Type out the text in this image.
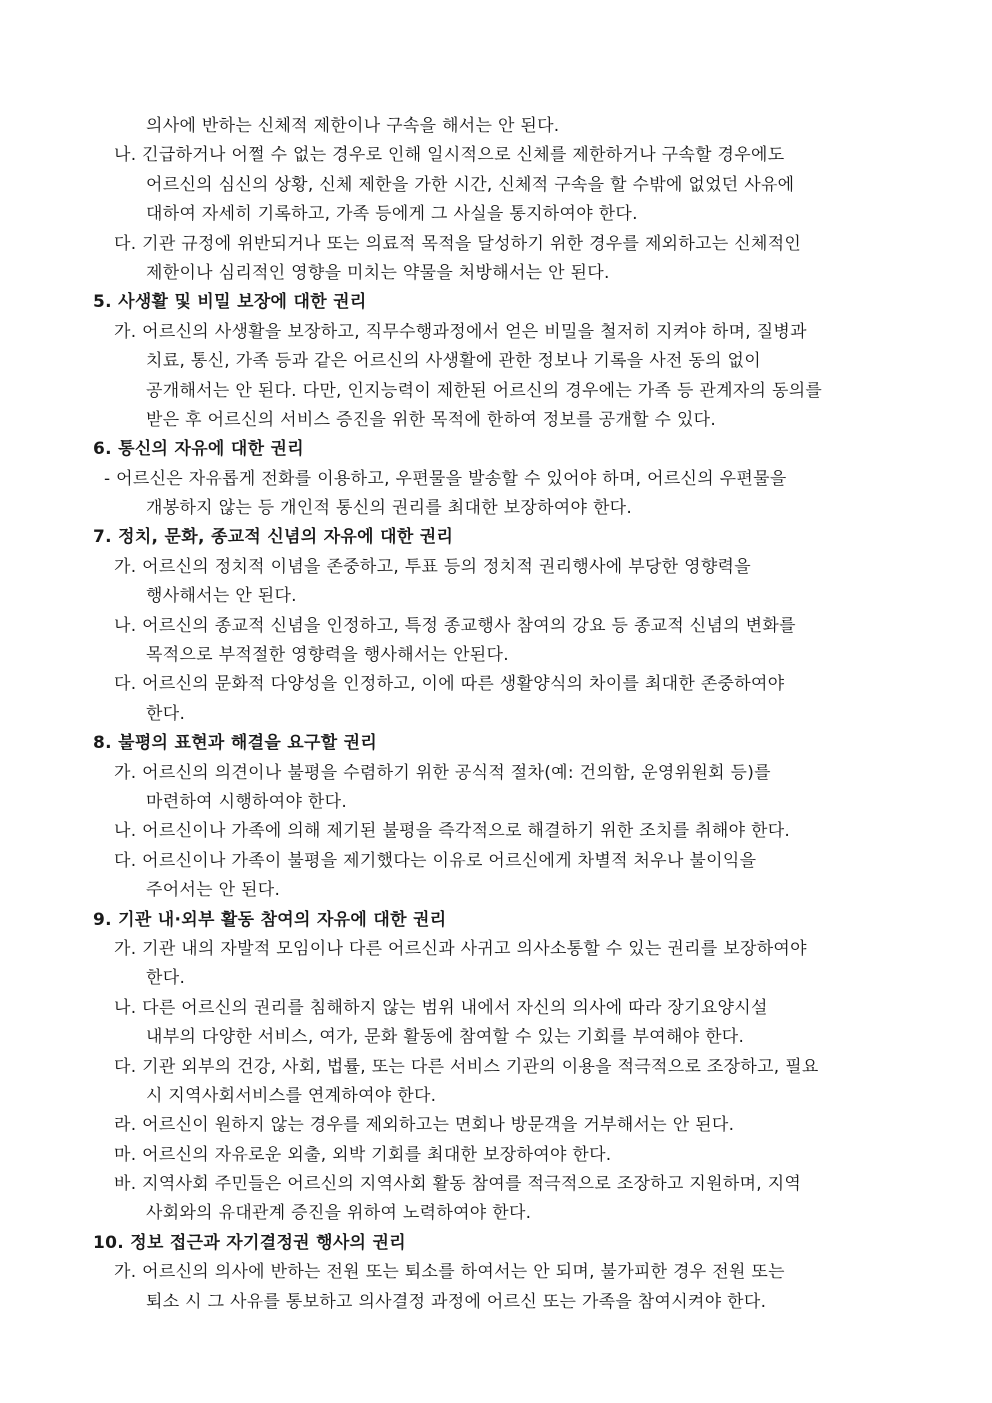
의사에 반하는 신체적 제한이나 구속을 해서는 안 된다.
나. 긴급하거나 어쩔 수 없는 경우로 인해 일시적으로 신체를 제한하거나 구속할 경우에도
어르신의 심신의 상황, 신체 제한을 가한 시간, 신체적 구속을 할 수밖에 없었던 사유에
대하여 자세히 기록하고, 가족 등에게 그 사실을 통지하여야 한다.
다. 기관 규정에 위반되거나 또는 의료적 목적을 달성하기 위한 경우를 제외하고는 신체적인
제한이나 심리적인 영향을 미치는 약물을 처방해서는 안 된다.
5. 사생활 및 비밀 보장에 대한 권리
가. 어르신의 사생활을 보장하고, 직무수행과정에서 얻은 비밀을 철저히 지켜야 하며, 질병과
치료, 통신, 가족 등과 같은 어르신의 사생활에 관한 정보나 기록을 사전 동의 없이
공개해서는 안 된다. 다만, 인지능력이 제한된 어르신의 경우에는 가족 등 관계자의 동의를
받은 후 어르신의 서비스 증진을 위한 목적에 한하여 정보를 공개할 수 있다.
6. 통신의 자유에 대한 권리
- 어르신은 자유롭게 전화를 이용하고, 우편물을 발송할 수 있어야 하며, 어르신의 우편물을
개봉하지 않는 등 개인적 통신의 권리를 최대한 보장하여야 한다.
7. 정치, 문화, 종교적 신념의 자유에 대한 권리
가. 어르신의 정치적 이념을 존중하고, 투표 등의 정치적 권리행사에 부당한 영향력을
행사해서는 안 된다.
나. 어르신의 종교적 신념을 인정하고, 특정 종교행사 참여의 강요 등 종교적 신념의 변화를
목적으로 부적절한 영향력을 행사해서는 안된다.
다. 어르신의 문화적 다양성을 인정하고, 이에 따른 생활양식의 차이를 최대한 존중하여야
한다.
8. 불평의 표현과 해결을 요구할 권리
가. 어르신의 의견이나 불평을 수렴하기 위한 공식적 절차(예: 건의함, 운영위원회 등)를
마련하여 시행하여야 한다.
나. 어르신이나 가족에 의해 제기된 불평을 즉각적으로 해결하기 위한 조치를 취해야 한다.
다. 어르신이나 가족이 불평을 제기했다는 이유로 어르신에게 차별적 처우나 불이익을
주어서는 안 된다.
9. 기관 내·외부 활동 참여의 자유에 대한 권리
가. 기관 내의 자발적 모임이나 다른 어르신과 사귀고 의사소통할 수 있는 권리를 보장하여야
한다.
나. 다른 어르신의 권리를 침해하지 않는 범위 내에서 자신의 의사에 따라 장기요양시설
내부의 다양한 서비스, 여가, 문화 활동에 참여할 수 있는 기회를 부여해야 한다.
다. 기관 외부의 건강, 사회, 법률, 또는 다른 서비스 기관의 이용을 적극적으로 조장하고, 필요
시 지역사회서비스를 연계하여야 한다.
라. 어르신이 원하지 않는 경우를 제외하고는 면회나 방문객을 거부해서는 안 된다.
마. 어르신의 자유로운 외출, 외박 기회를 최대한 보장하여야 한다.
바. 지역사회 주민들은 어르신의 지역사회 활동 참여를 적극적으로 조장하고 지원하며, 지역
사회와의 유대관계 증진을 위하여 노력하여야 한다.
10. 정보 접근과 자기결정권 행사의 권리
가. 어르신의 의사에 반하는 전원 또는 퇴소를 하여서는 안 되며, 불가피한 경우 전원 또는
퇴소 시 그 사유를 통보하고 의사결정 과정에 어르신 또는 가족을 참여시켜야 한다.
